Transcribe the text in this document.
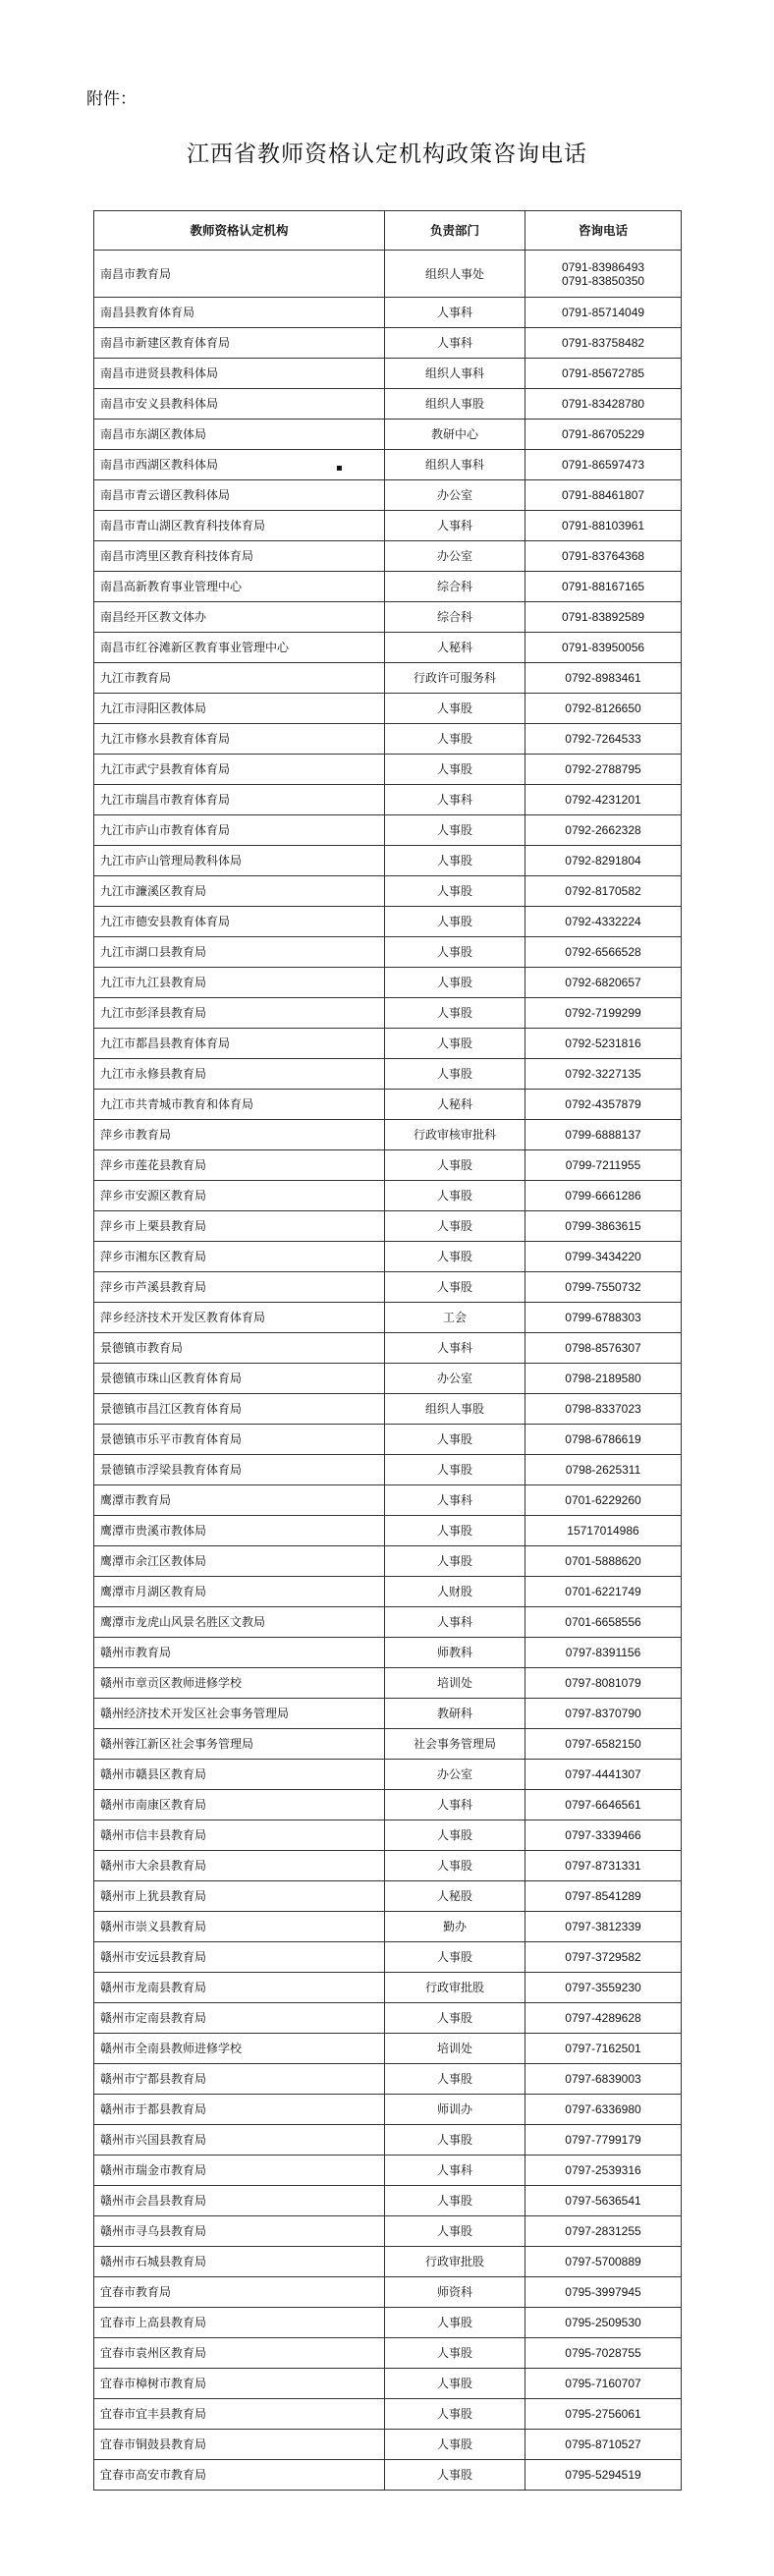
附件：
江西省教师资格认定机构政策咨询电话
▪
教师资格认定机构	负责部门	咨询电话
南昌市教育局	组织人事处	0791-83986493
0791-83850350
南昌县教育体育局	人事科	0791-85714049
南昌市新建区教育体育局	人事科	0791-83758482
南昌市进贤县教科体局	组织人事科	0791-85672785
南昌市安义县教科体局	组织人事股	0791-83428780
南昌市东湖区教体局	教研中心	0791-86705229
南昌市西湖区教科体局	组织人事科	0791-86597473
南昌市青云谱区教科体局	办公室	0791-88461807
南昌市青山湖区教育科技体育局	人事科	0791-88103961
南昌市湾里区教育科技体育局	办公室	0791-83764368
南昌高新教育事业管理中心	综合科	0791-88167165
南昌经开区教文体办	综合科	0791-83892589
南昌市红谷滩新区教育事业管理中心	人秘科	0791-83950056
九江市教育局	行政许可服务科	0792-8983461
九江市浔阳区教体局	人事股	0792-8126650
九江市修水县教育体育局	人事股	0792-7264533
九江市武宁县教育体育局	人事股	0792-2788795
九江市瑞昌市教育体育局	人事科	0792-4231201
九江市庐山市教育体育局	人事股	0792-2662328
九江市庐山管理局教科体局	人事股	0792-8291804
九江市濂溪区教育局	人事股	0792-8170582
九江市德安县教育体育局	人事股	0792-4332224
九江市湖口县教育局	人事股	0792-6566528
九江市九江县教育局	人事股	0792-6820657
九江市彭泽县教育局	人事股	0792-7199299
九江市都昌县教育体育局	人事股	0792-5231816
九江市永修县教育局	人事股	0792-3227135
九江市共青城市教育和体育局	人秘科	0792-4357879
萍乡市教育局	行政审核审批科	0799-6888137
萍乡市莲花县教育局	人事股	0799-7211955
萍乡市安源区教育局	人事股	0799-6661286
萍乡市上栗县教育局	人事股	0799-3863615
萍乡市湘东区教育局	人事股	0799-3434220
萍乡市芦溪县教育局	人事股	0799-7550732
萍乡经济技术开发区教育体育局	工会	0799-6788303
景德镇市教育局	人事科	0798-8576307
景德镇市珠山区教育体育局	办公室	0798-2189580
景德镇市昌江区教育体育局	组织人事股	0798-8337023
景德镇市乐平市教育体育局	人事股	0798-6786619
景德镇市浮梁县教育体育局	人事股	0798-2625311
鹰潭市教育局	人事科	0701-6229260
鹰潭市贵溪市教体局	人事股	15717014986
鹰潭市余江区教体局	人事股	0701-5888620
鹰潭市月湖区教育局	人财股	0701-6221749
鹰潭市龙虎山风景名胜区文教局	人事科	0701-6658556
赣州市教育局	师教科	0797-8391156
赣州市章贡区教师进修学校	培训处	0797-8081079
赣州经济技术开发区社会事务管理局	教研科	0797-8370790
赣州蓉江新区社会事务管理局	社会事务管理局	0797-6582150
赣州市赣县区教育局	办公室	0797-4441307
赣州市南康区教育局	人事科	0797-6646561
赣州市信丰县教育局	人事股	0797-3339466
赣州市大余县教育局	人事股	0797-8731331
赣州市上犹县教育局	人秘股	0797-8541289
赣州市崇义县教育局	勤办	0797-3812339
赣州市安远县教育局	人事股	0797-3729582
赣州市龙南县教育局	行政审批股	0797-3559230
赣州市定南县教育局	人事股	0797-4289628
赣州市全南县教师进修学校	培训处	0797-7162501
赣州市宁都县教育局	人事股	0797-6839003
赣州市于都县教育局	师训办	0797-6336980
赣州市兴国县教育局	人事股	0797-7799179
赣州市瑞金市教育局	人事科	0797-2539316
赣州市会昌县教育局	人事股	0797-5636541
赣州市寻乌县教育局	人事股	0797-2831255
赣州市石城县教育局	行政审批股	0797-5700889
宜春市教育局	师资科	0795-3997945
宜春市上高县教育局	人事股	0795-2509530
宜春市袁州区教育局	人事股	0795-7028755
宜春市樟树市教育局	人事股	0795-7160707
宜春市宜丰县教育局	人事股	0795-2756061
宜春市铜鼓县教育局	人事股	0795-8710527
宜春市高安市教育局	人事股	0795-5294519
